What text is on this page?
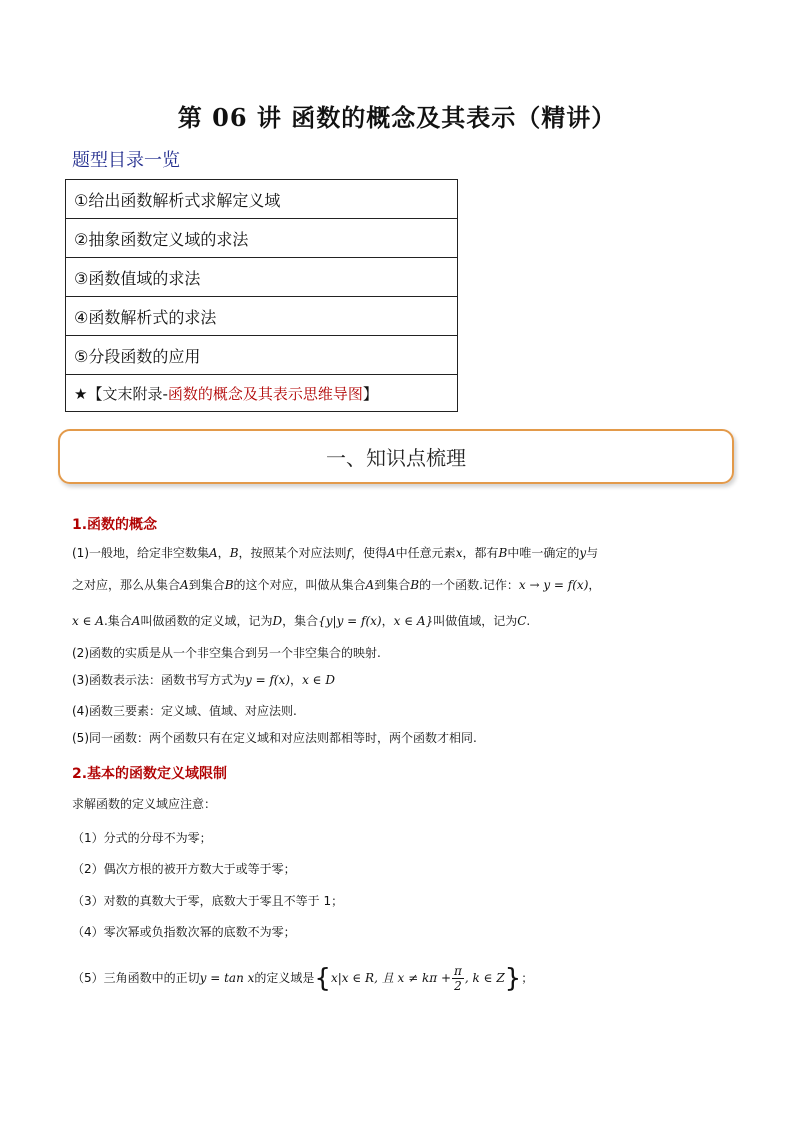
第 06 讲 函数的概念及其表示（精讲）
题型目录一览
①给出函数解析式求解定义域
②抽象函数定义域的求法
③函数值域的求法
④函数解析式的求法
⑤分段函数的应用
★【文末附录-函数的概念及其表示思维导图】
一、知识点梳理
1.函数的概念
(1)一般地，给定非空数集A，B，按照某个对应法则f，使得A中任意元素x，都有B中唯一确定的y与
之对应，那么从集合A到集合B的这个对应，叫做从集合A到集合B的一个函数.记作：x → y = f(x)，
x ∈ A.集合A叫做函数的定义域，记为D，集合{y|y = f(x)，x ∈ A}叫做值域，记为C.
(2)函数的实质是从一个非空集合到另一个非空集合的映射.
(3)函数表示法：函数书写方式为y = f(x)，x ∈ D
(4)函数三要素：定义域、值域、对应法则.
(5)同一函数：两个函数只有在定义域和对应法则都相等时，两个函数才相同.
2.基本的函数定义域限制
求解函数的定义域应注意：
（1）分式的分母不为零；
（2）偶次方根的被开方数大于或等于零；
（3）对数的真数大于零，底数大于零且不等于 1；
（4）零次幂或负指数次幂的底数不为零；
（5）三角函数中的正切y = tan x的定义域是{x|x ∈ R, 且 $x \ne k\pi + \frac{\pi}{2}$ , k ∈ Z}；
